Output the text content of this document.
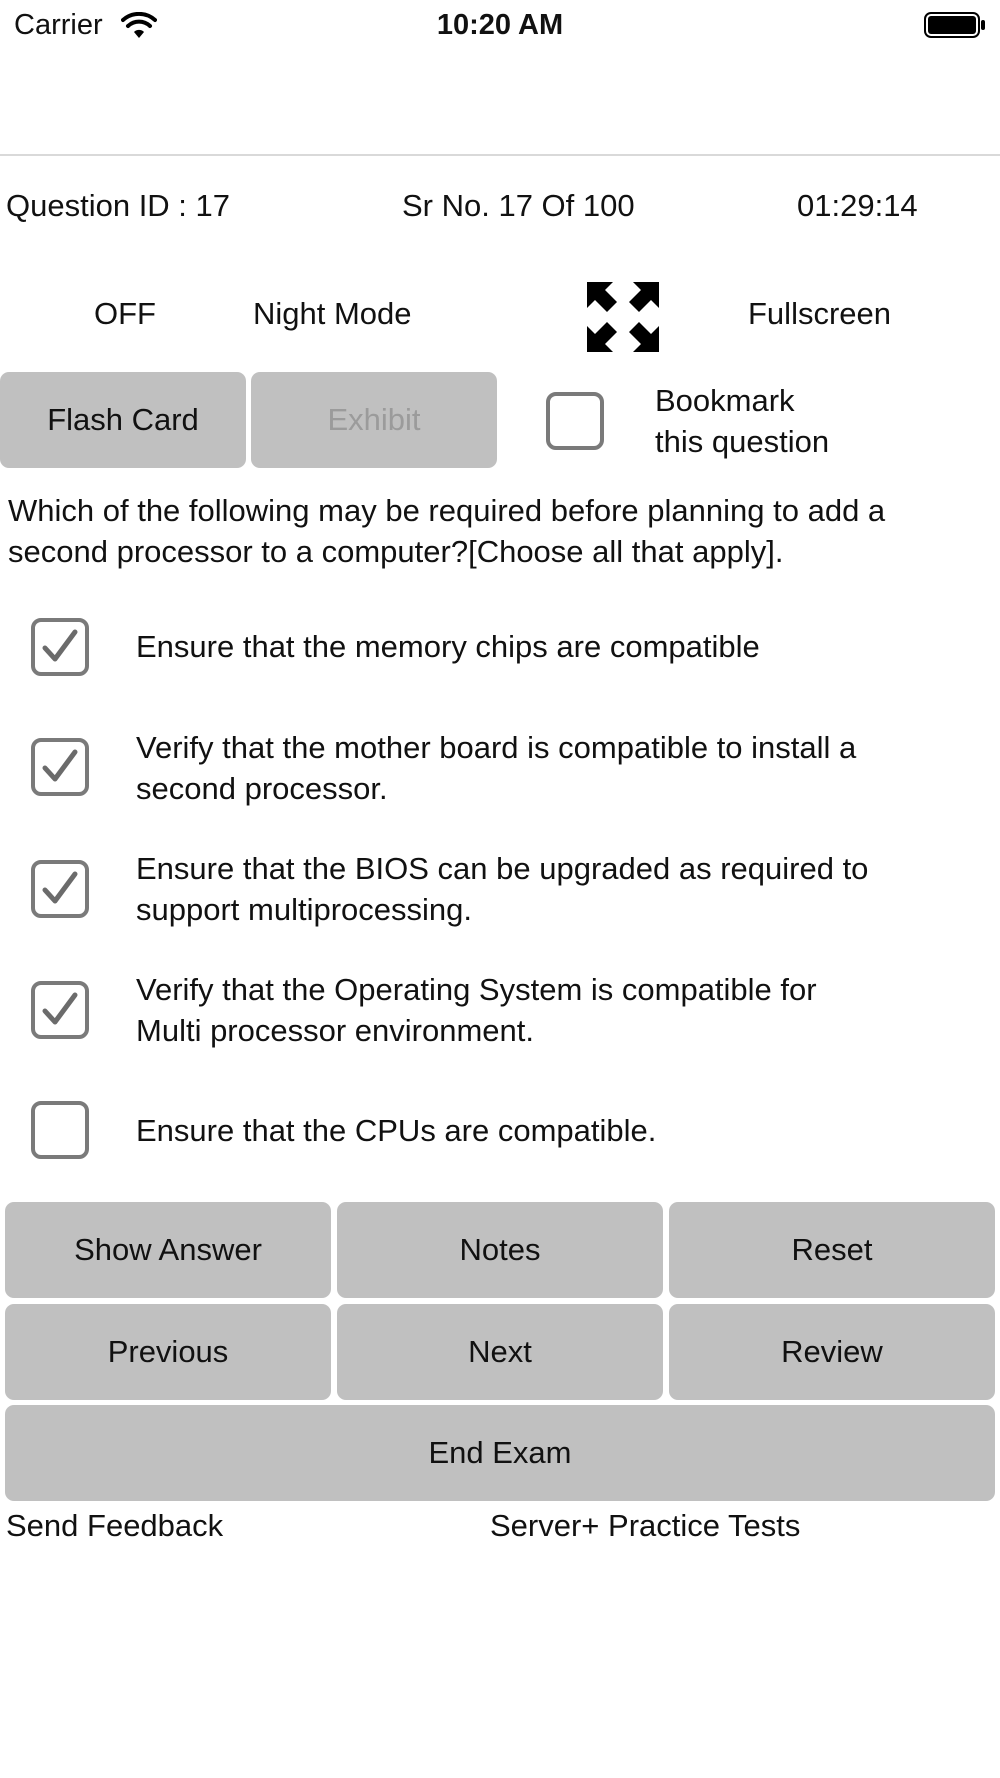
Carrier	10:20 AM
Question ID : 17	Sr No. 17 Of 100	01:29:14
OFF	Night Mode	Fullscreen
Flash Card	Exhibit
Bookmark
this question
Which of the following may be required before planning to add a second processor to a computer?[Choose all that apply].
Ensure that the memory chips are compatible
Verify that the mother board is compatible to install a
second processor.
Ensure that the BIOS can be upgraded as required to
support multiprocessing.
Verify that the Operating System is compatible for
Multi processor environment.
Ensure that the CPUs are compatible.
Show Answer	Notes	Reset
Previous	Next	Review
End Exam
Send Feedback	Server+ Practice Tests
